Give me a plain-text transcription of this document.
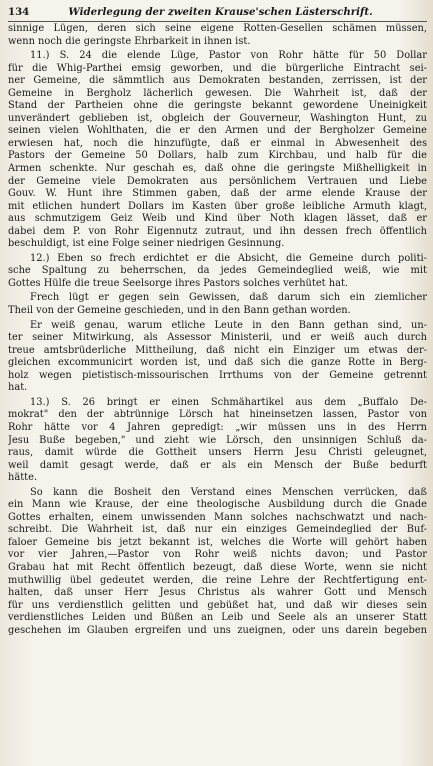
134	Widerlegung der zweiten Krause'schen Lästerschrift.
sinnige Lügen, deren sich seine eigene Rotten-Gesellen schämen müssen,
wenn noch die geringste Ehrbarkeit in ihnen ist.
11.) S. 24 die elende Lüge, Pastor von Rohr hätte für 50 Dollar
für die Whig-Parthei emsig geworben, und die bürgerliche Eintracht sei-
ner Gemeine, die sämmtlich aus Demokraten bestanden, zerrissen, ist der
Gemeine in Bergholz lächerlich gewesen. Die Wahrheit ist, daß der
Stand der Partheien ohne die geringste bekannt gewordene Uneinigkeit
unverändert geblieben ist, obgleich der Gouverneur, Washington Hunt, zu
seinen vielen Wohlthaten, die er den Armen und der Bergholzer Gemeine
erwiesen hat, noch die hinzufügte, daß er einmal in Abwesenheit des
Pastors der Gemeine 50 Dollars, halb zum Kirchbau, und halb für die
Armen schenkte. Nur geschah es, daß ohne die geringste Mißhelligkeit in
der Gemeine viele Demokraten aus persönlichem Vertrauen und Liebe
Gouv. W. Hunt ihre Stimmen gaben, daß der arme elende Krause der
mit etlichen hundert Dollars im Kasten über große leibliche Armuth klagt,
aus schmutzigem Geiz Weib und Kind über Noth klagen lässet, daß er
dabei dem P. von Rohr Eigennutz zutraut, und ihn dessen frech öffentlich
beschuldigt, ist eine Folge seiner niedrigen Gesinnung.
12.) Eben so frech erdichtet er die Absicht, die Gemeine durch politi-
sche Spaltung zu beherrschen, da jedes Gemeindeglied weiß, wie mit
Gottes Hülfe die treue Seelsorge ihres Pastors solches verhütet hat.
Frech lügt er gegen sein Gewissen, daß darum sich ein ziemlicher
Theil von der Gemeine geschieden, und in den Bann gethan worden.
Er weiß genau, warum etliche Leute in den Bann gethan sind, un-
ter seiner Mitwirkung, als Assessor Ministerii, und er weiß auch durch
treue amtsbrüderliche Mittheilung, daß nicht ein Einziger um etwas der-
gleichen excommunicirt worden ist, und daß sich die ganze Rotte in Berg-
holz wegen pietistisch-missourischen Irrthums von der Gemeine getrennt
hat.
13.) S. 26 bringt er einen Schmähartikel aus dem „Buffalo De-
mokrat" den der abtrünnige Lörsch hat hineinsetzen lassen, Pastor von
Rohr hätte vor 4 Jahren gepredigt: „wir müssen uns in des Herrn
Jesu Buße begeben," und zieht wie Lörsch, den unsinnigen Schluß da-
raus, damit würde die Gottheit unsers Herrn Jesu Christi geleugnet,
weil damit gesagt werde, daß er als ein Mensch der Buße bedurft
hätte.
So kann die Bosheit den Verstand eines Menschen verrücken, daß
ein Mann wie Krause, der eine theologische Ausbildung durch die Gnade
Gottes erhalten, einem unwissenden Mann solches nachschwatzt und nach-
schreibt. Die Wahrheit ist, daß nur ein einziges Gemeindeglied der Buf-
faloer Gemeine bis jetzt bekannt ist, welches die Worte will gehört haben
vor vier Jahren,—Pastor von Rohr weiß nichts davon; und Pastor
Grabau hat mit Recht öffentlich bezeugt, daß diese Worte, wenn sie nicht
muthwillig übel gedeutet werden, die reine Lehre der Rechtfertigung ent-
halten, daß unser Herr Jesus Christus als wahrer Gott und Mensch
für uns verdienstlich gelitten und gebüßet hat, und daß wir dieses sein
verdienstliches Leiden und Büßen an Leib und Seele als an unserer Statt
geschehen im Glauben ergreifen und uns zueignen, oder uns darein begeben
